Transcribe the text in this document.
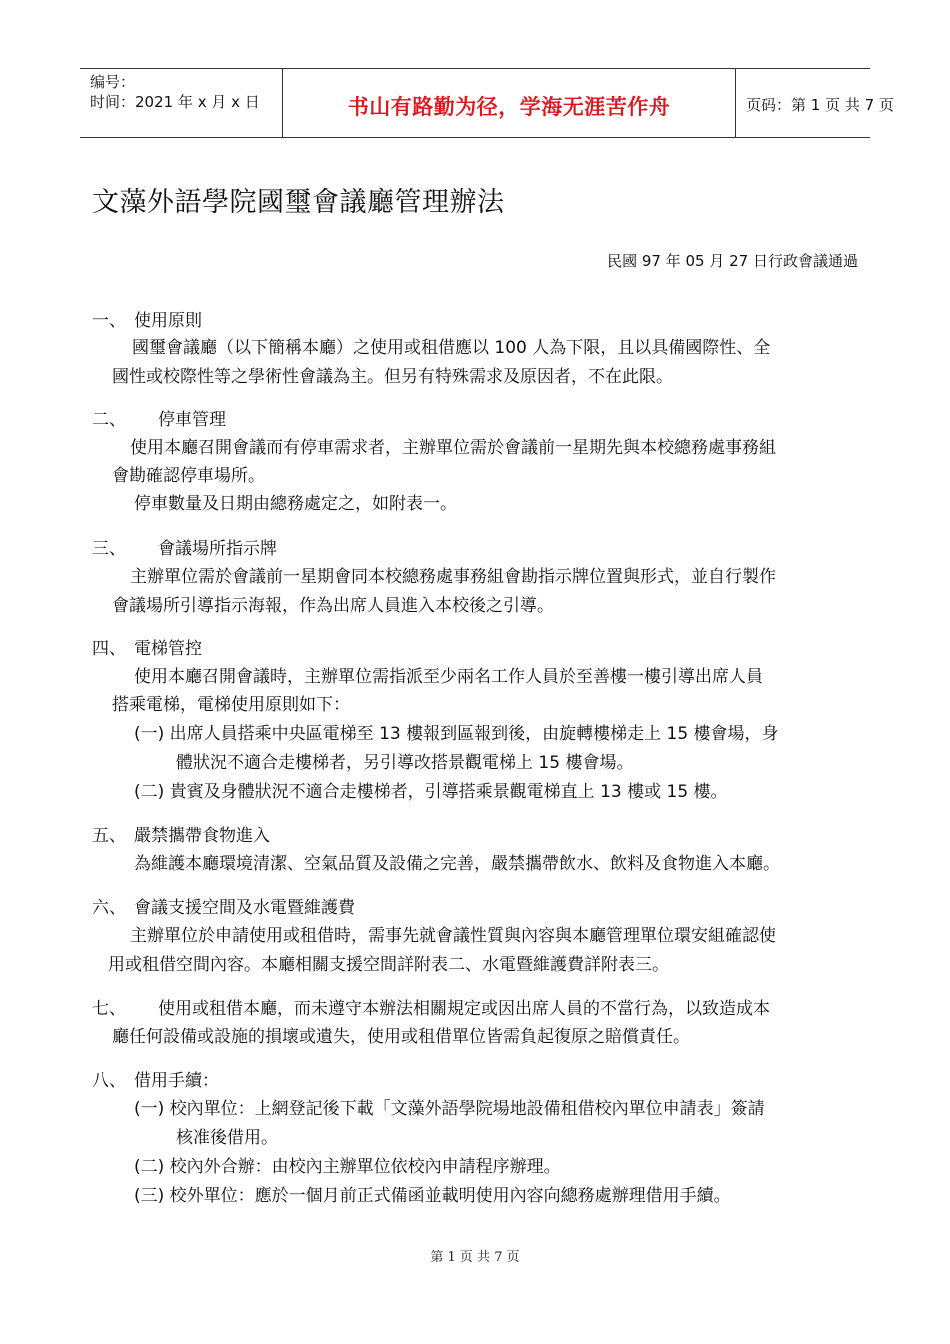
编号：
时间：2021 年 x 月 x 日	书山有路勤为径，学海无涯苦作舟	页码：第 1 页 共 7 页
文藻外語學院國璽會議廳管理辦法
民國 97 年 05 月 27 日行政會議通過
一、 使用原則
國璽會議廳（以下簡稱本廳）之使用或租借應以 100 人為下限，且以具備國際性、全
國性或校際性等之學術性會議為主。但另有特殊需求及原因者，不在此限。
二、 停車管理
使用本廳召開會議而有停車需求者，主辦單位需於會議前一星期先與本校總務處事務組
會勘確認停車場所。
停車數量及日期由總務處定之，如附表一。
三、 會議場所指示牌
主辦單位需於會議前一星期會同本校總務處事務組會勘指示牌位置與形式，並自行製作
會議場所引導指示海報，作為出席人員進入本校後之引導。
四、 電梯管控
使用本廳召開會議時，主辦單位需指派至少兩名工作人員於至善樓一樓引導出席人員
搭乘電梯，電梯使用原則如下：
(一) 出席人員搭乘中央區電梯至 13 樓報到區報到後，由旋轉樓梯走上 15 樓會場，身
體狀況不適合走樓梯者，另引導改搭景觀電梯上 15 樓會場。
(二) 貴賓及身體狀況不適合走樓梯者，引導搭乘景觀電梯直上 13 樓或 15 樓。
五、 嚴禁攜帶食物進入
為維護本廳環境清潔、空氣品質及設備之完善，嚴禁攜帶飲水、飲料及食物進入本廳。
六、 會議支援空間及水電暨維護費
主辦單位於申請使用或租借時，需事先就會議性質與內容與本廳管理單位環安組確認使
用或租借空間內容。本廳相關支援空間詳附表二、水電暨維護費詳附表三。
七、 使用或租借本廳，而未遵守本辦法相關規定或因出席人員的不當行為，以致造成本
廳任何設備或設施的損壞或遺失，使用或租借單位皆需負起復原之賠償責任。
八、 借用手續：
(一) 校內單位：上網登記後下載「文藻外語學院場地設備租借校內單位申請表」簽請
核准後借用。
(二) 校內外合辦：由校內主辦單位依校內申請程序辦理。
(三) 校外單位：應於一個月前正式備函並載明使用內容向總務處辦理借用手續。
第 1 页 共 7 页
